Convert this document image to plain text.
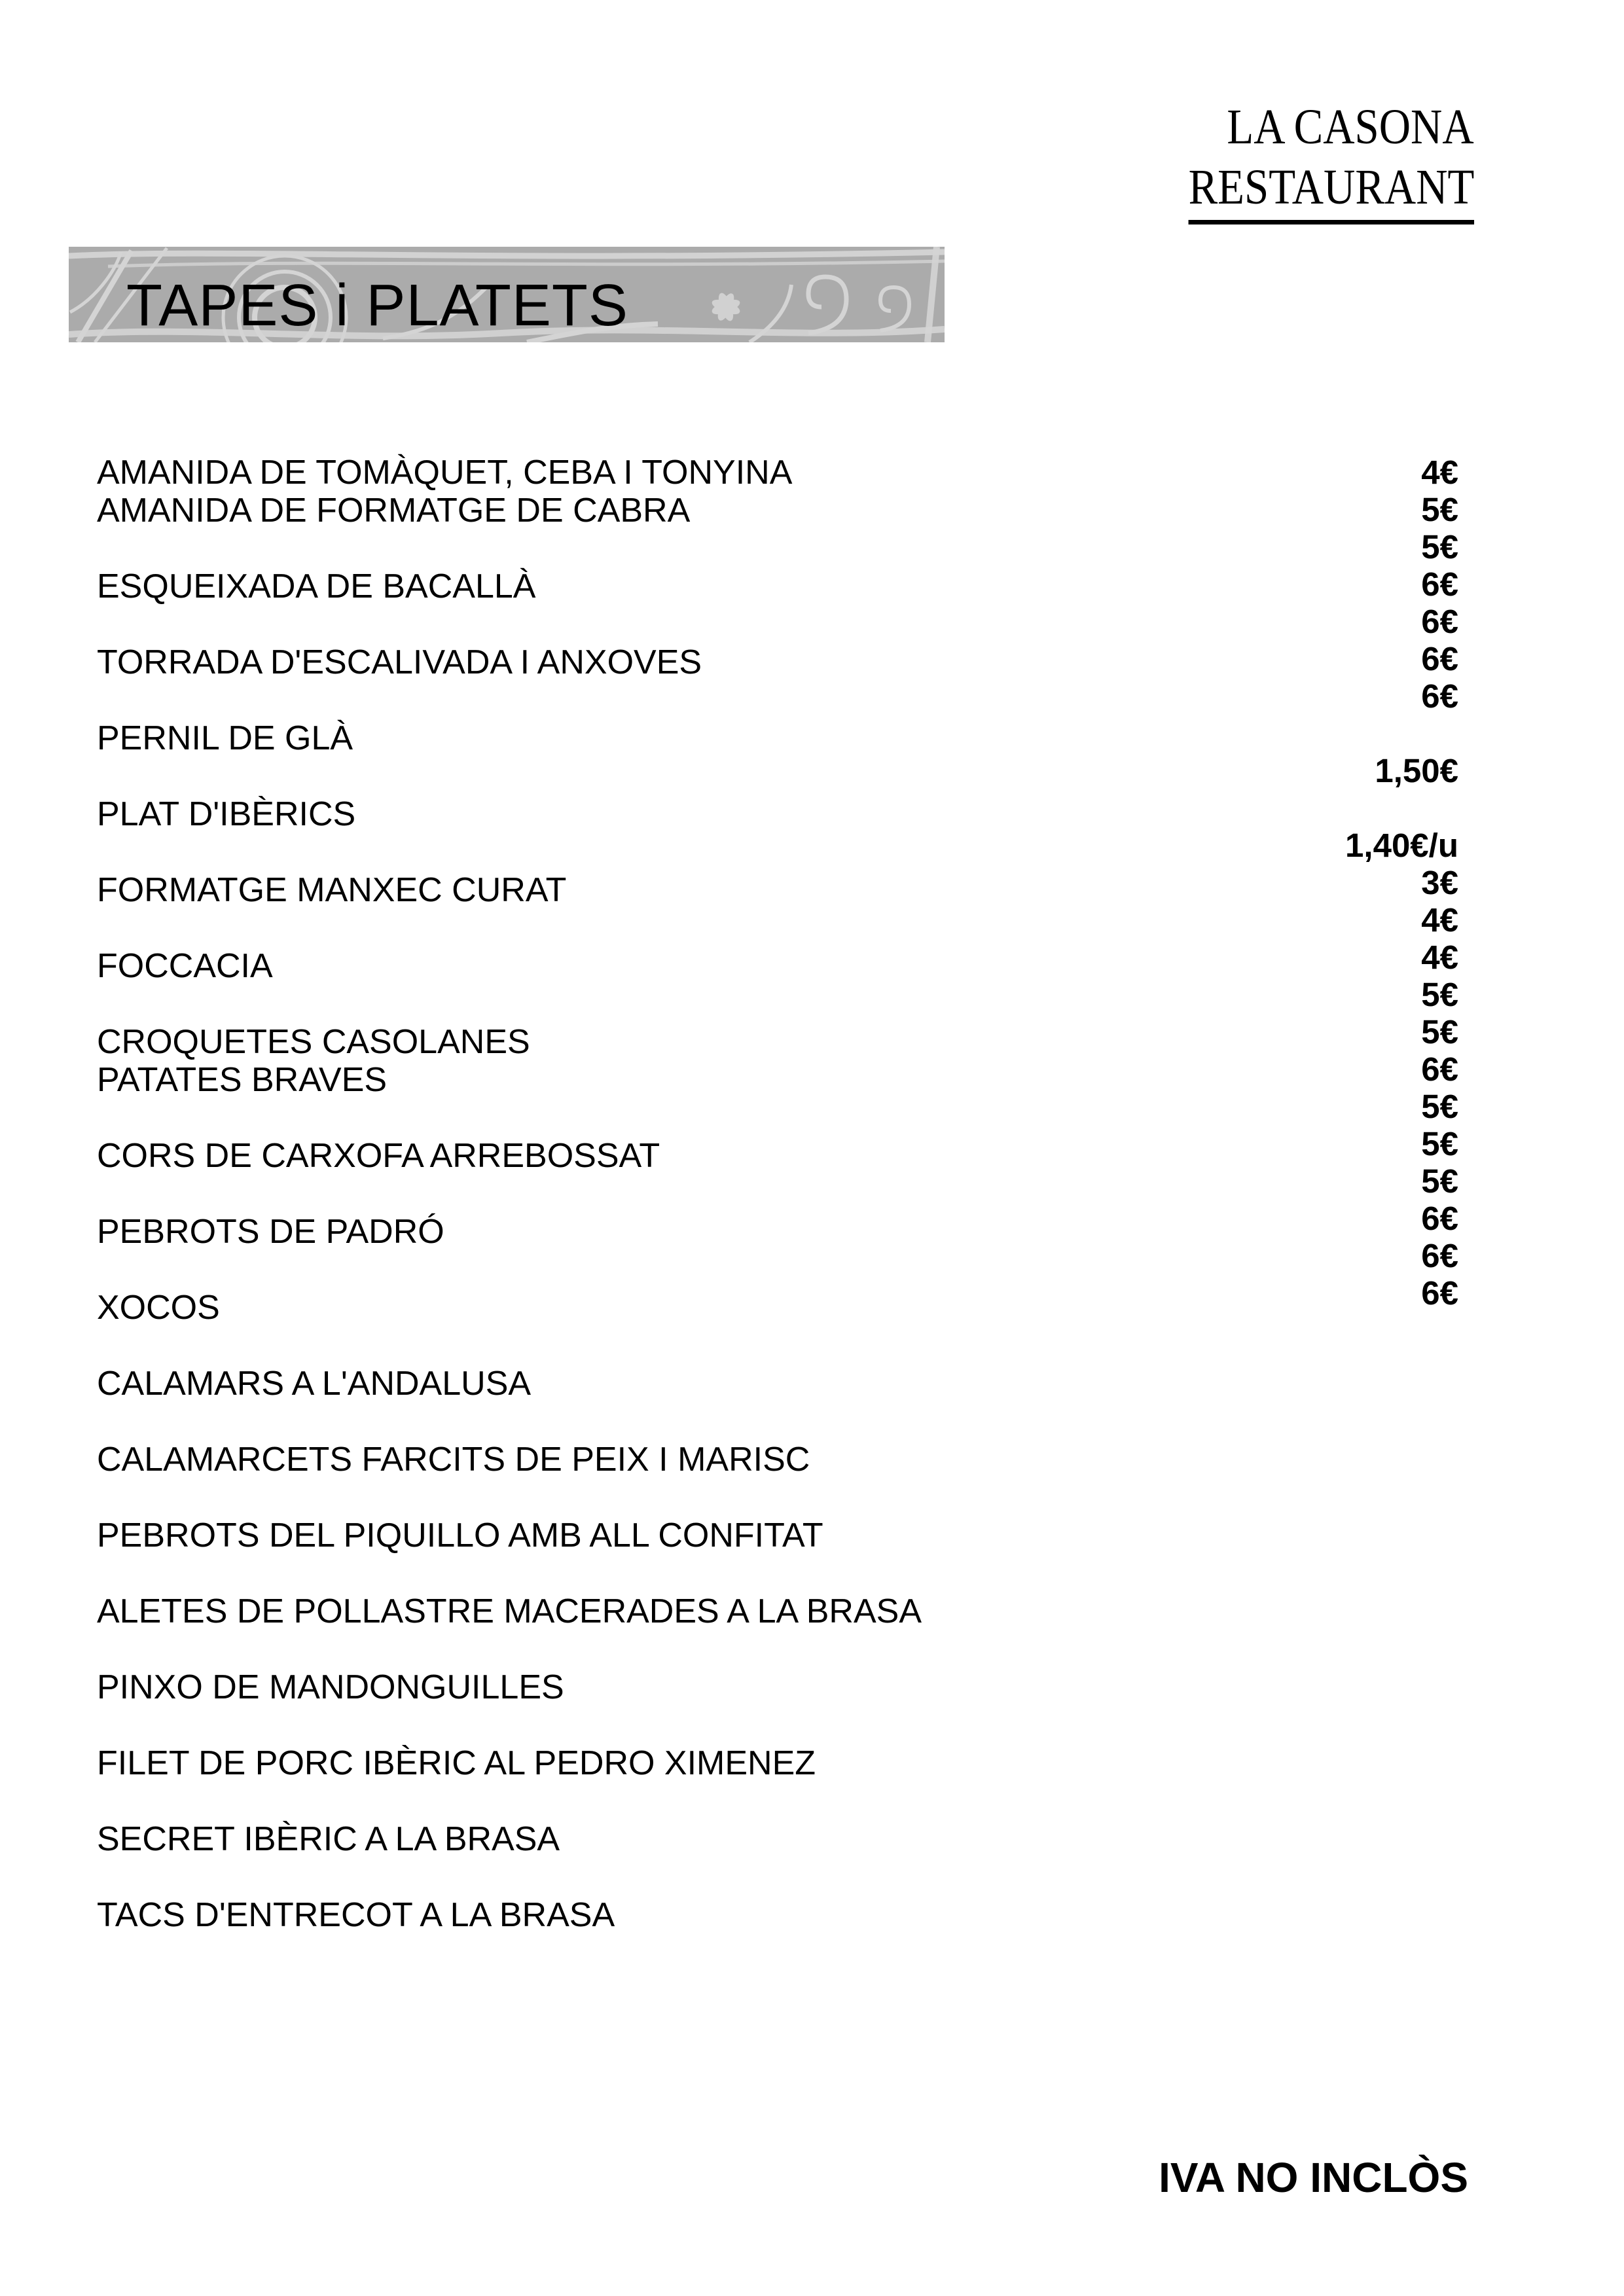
LA CASONA
RESTAURANT
TAPES i PLATETS
AMANIDA DE TOMÀQUET, CEBA I TONYINA
AMANIDA DE FORMATGE DE CABRA
ESQUEIXADA DE BACALLÀ
TORRADA D'ESCALIVADA I ANXOVES
PERNIL DE GLÀ
PLAT D'IBÈRICS
FORMATGE MANXEC CURAT
FOCCACIA
CROQUETES CASOLANES
PATATES BRAVES
CORS DE CARXOFA ARREBOSSAT
PEBROTS DE PADRÓ
XOCOS
CALAMARS A L'ANDALUSA
CALAMARCETS FARCITS DE PEIX I MARISC
PEBROTS DEL PIQUILLO AMB ALL CONFITAT
ALETES DE POLLASTRE MACERADES A LA BRASA
PINXO DE MANDONGUILLES
FILET DE PORC IBÈRIC AL PEDRO XIMENEZ
SECRET IBÈRIC A LA BRASA
TACS D'ENTRECOT A LA BRASA
4€
5€
5€
6€
6€
6€
6€
1,50€
1,40€/u
3€
4€
4€
5€
5€
6€
5€
5€
5€
6€
6€
6€
IVA NO INCLÒS
